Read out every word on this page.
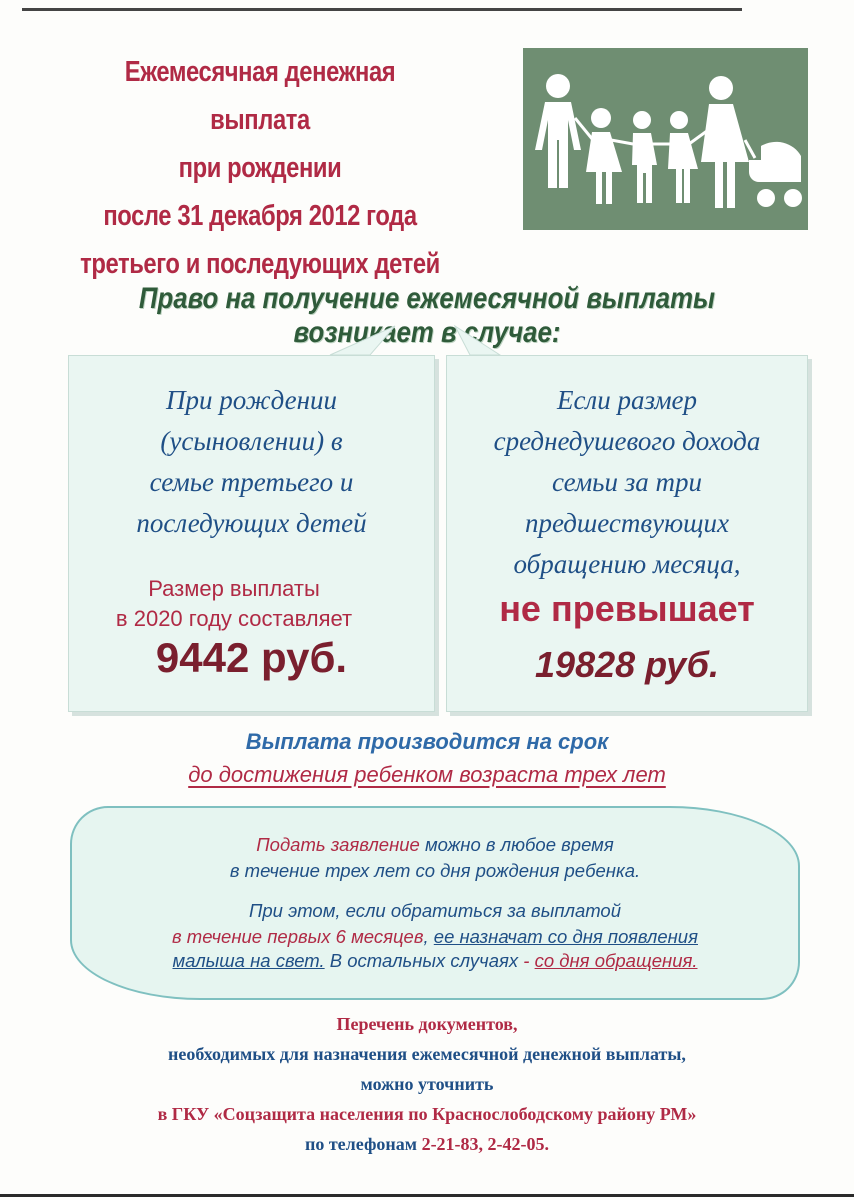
Ежемесячная денежная выплата
при рождении
после 31 декабря 2012 года
третьего и последующих детей
Право на получение ежемесячной выплаты возникает в случае:
При рождении
(усыновлении) в
семье третьего и
последующих детей
Размер выплаты
в 2020 году составляет
9442 руб.
Если размер
среднедушевого дохода
семьи за три
предшествующих
обращению месяца,
не превышает
19828 руб.
Выплата производится на срок
до достижения ребенком возраста трех лет
Подать заявление можно в любое время
в течение трех лет со дня рождения ребенка.
При этом, если обратиться за выплатой
в течение первых 6 месяцев, ее назначат со дня появления
малыша на свет. В остальных случаях - со дня обращения.
Перечень документов,
необходимых для назначения ежемесячной денежной выплаты,
можно уточнить
в ГКУ «Соцзащита населения по Краснослободскому району РМ»
по телефонам 2-21-83, 2-42-05.
